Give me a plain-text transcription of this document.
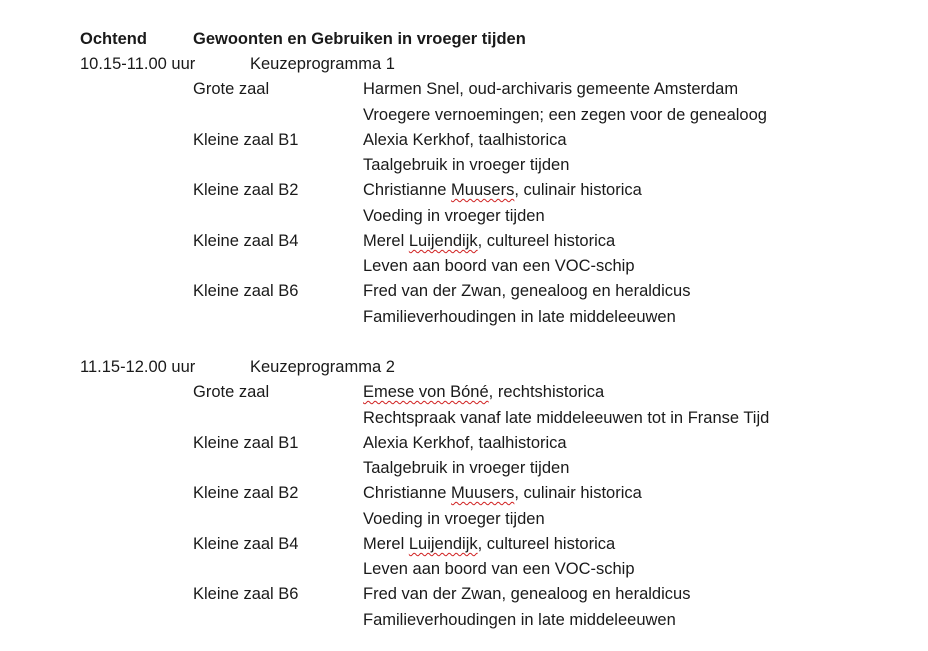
Ochtend	Gewoonten en Gebruiken in vroeger tijden
10.15-11.00 uur	Keuzeprogramma 1
Grote zaal	Harmen Snel, oud-archivaris gemeente Amsterdam
Vroegere vernoemingen; een zegen voor de genealoog
Kleine zaal B1	Alexia Kerkhof, taalhistorica
Taalgebruik in vroeger tijden
Kleine zaal B2	Christianne Muusers, culinair historica
Voeding in vroeger tijden
Kleine zaal B4	Merel Luijendijk, cultureel historica
Leven aan boord van een VOC-schip
Kleine zaal B6	Fred van der Zwan, genealoog en heraldicus
Familieverhoudingen in late middeleeuwen
11.15-12.00 uur	Keuzeprogramma 2
Grote zaal	Emese von Bóné, rechtshistorica
Rechtspraak vanaf late middeleeuwen tot in Franse Tijd
Kleine zaal B1	Alexia Kerkhof, taalhistorica
Taalgebruik in vroeger tijden
Kleine zaal B2	Christianne Muusers, culinair historica
Voeding in vroeger tijden
Kleine zaal B4	Merel Luijendijk, cultureel historica
Leven aan boord van een VOC-schip
Kleine zaal B6	Fred van der Zwan, genealoog en heraldicus
Familieverhoudingen in late middeleeuwen
